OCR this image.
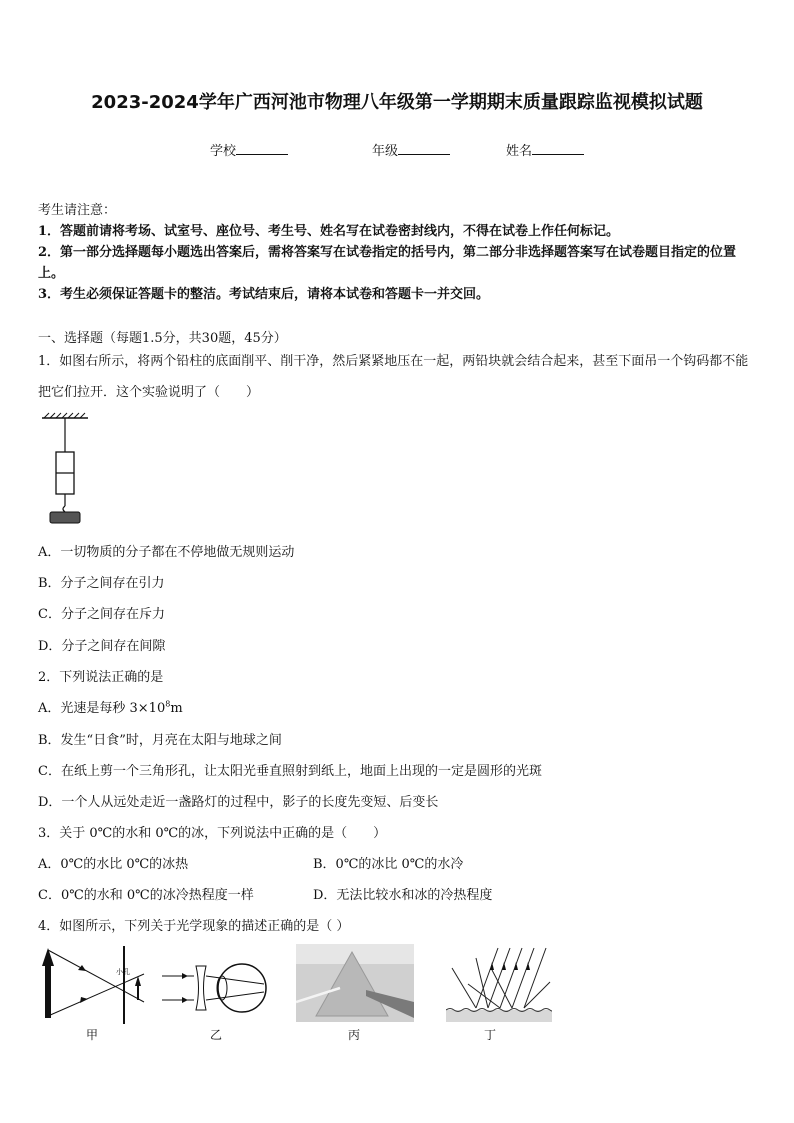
2023-2024学年广西河池市物理八年级第一学期期末质量跟踪监视模拟试题
学校	年级	姓名
考生请注意：
1．答题前请将考场、试室号、座位号、考生号、姓名写在试卷密封线内，不得在试卷上作任何标记。
2．第一部分选择题每小题选出答案后，需将答案写在试卷指定的括号内，第二部分非选择题答案写在试卷题目指定的位置上。
3．考生必须保证答题卡的整洁。考试结束后，请将本试卷和答题卡一并交回。
一、选择题（每题1.5分，共30题，45分）
1．如图右所示，将两个铅柱的底面削平、削干净，然后紧紧地压在一起，两铅块就会结合起来，甚至下面吊一个钩码都不能把它们拉开．这个实验说明了（　　）
A．一切物质的分子都在不停地做无规则运动
B．分子之间存在引力
C．分子之间存在斥力
D．分子之间存在间隙
2．下列说法正确的是
A．光速是每秒 $3\times 10^8m$
B．发生“日食”时，月亮在太阳与地球之间
C．在纸上剪一个三角形孔，让太阳光垂直照射到纸上，地面上出现的一定是圆形的光斑
D．一个人从远处走近一盏路灯的过程中，影子的长度先变短、后变长
3．关于 0℃的水和 0℃的冰，下列说法中正确的是（　　）
A．0℃的水比 0℃的冰热	B．0℃的冰比 0℃的水冷
C．0℃的水和 0℃的冰冷热程度一样	D．无法比较水和冰的冷热程度
4．如图所示，下列关于光学现象的描述正确的是（ ）
小孔
甲	乙	丙	丁
